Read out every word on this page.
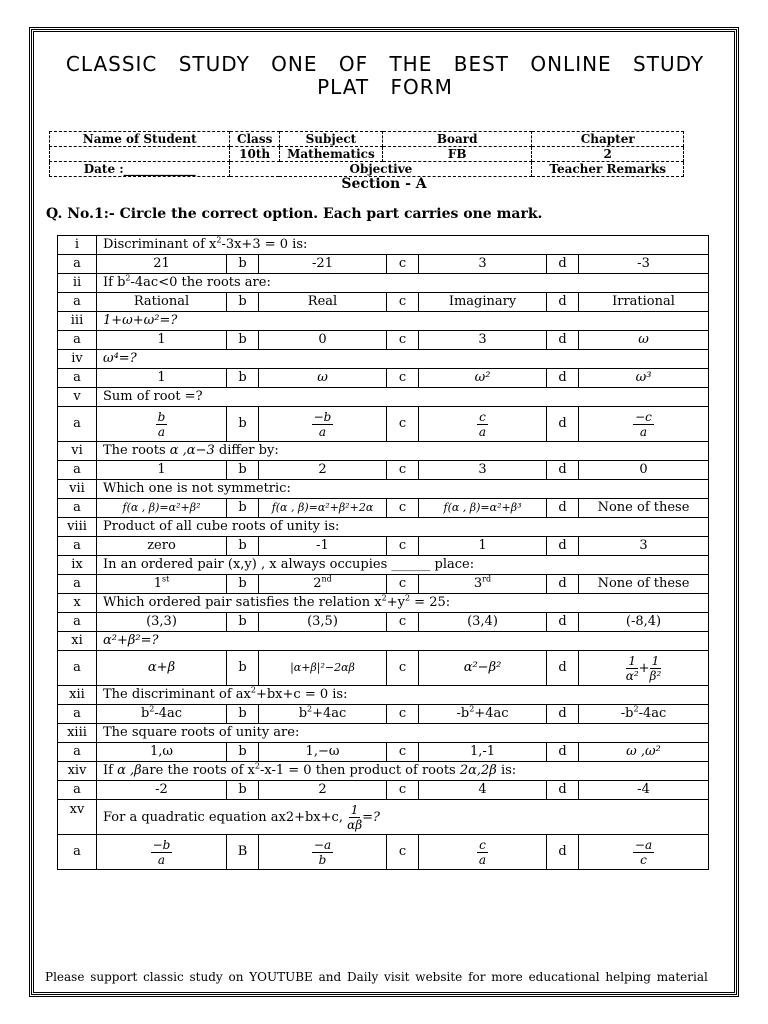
CLASSIC STUDY ONE OF THE BEST ONLINE STUDY PLAT FORM
Name of Student	Class	Subject	Board	Chapter
	10th	Mathematics	FB	2
Date :____________	Objective			Teacher Remarks
Section - A
Q. No.1:- Circle the correct option. Each part carries one mark.
i	Discriminant of $x^2-3x+3 = 0$ is:						
a	21	b	-21	c	3	d	-3
ii	If $b^2-4ac<0$ the roots are:						
a	Rational	b	Real	c	Imaginary	d	Irrational
iii	1+ω+ω²=?						
a	1	b	0	c	3	d	ω
iv	ω⁴=?						
a	1	b	ω	c	ω²	d	ω³
v	Sum of root =?						
a	$\frac{b}{a}$	b	$\frac{-b}{a}$	c	$\frac{c}{a}$	d	$\frac{-c}{a}$

vi	The roots α ,α−3 differ by:						
a	1	b	2	c	3	d	0
vii	Which one is not symmetric:						
a	f(α , β)=α²+β²	b	f(α , β)=α²+β²+2α	c	f(α , β)=α²+β³	d	None of these
viii	Product of all cube roots of unity is:						
a	zero	b	-1	c	1	d	3
ix	In an ordered pair (x,y) , x always occupies ______ place:						
a	1st	b	2nd	c	3rd	d	None of these
x	Which ordered pair satisfies the relation $x^2+y^2 = 25$:						
a	(3,3)	b	(3,5)	c	(3,4)	d	(-8,4)
xi	α²+β²=?						
a	α+β	b	|α+β|²−2αβ	c	α²−β²	d	$\frac{1}{\text{α²}} + \frac{1}{\text{β²}}$

xii	The discriminant of $ax^2+bx+c = 0$ is:						
a	$b^2-4ac$	b	$b^2+4ac$	c	$-b^2+4ac$	d	$-b^2-4ac$
xiii	The square roots of unity are:						
a	1,ω	b	1,−ω	c	1,-1	d	ω ,ω²
xiv	If α ,βare the roots of $x^2-x-1 = 0$ then product of roots 2α,2β is:						
a	-2	b	2	c	4	d	-4
xv	For a quadratic equation ax2+bx+c, $\frac{1}{\alpha\beta}$ =?						
a	$\frac{-b}{a}$	B	$\frac{-a}{b}$	c	$\frac{c}{a}$	d	$\frac{-a}{c}$
Please support classic study on YOUTUBE and Daily visit website for more educational helping material
